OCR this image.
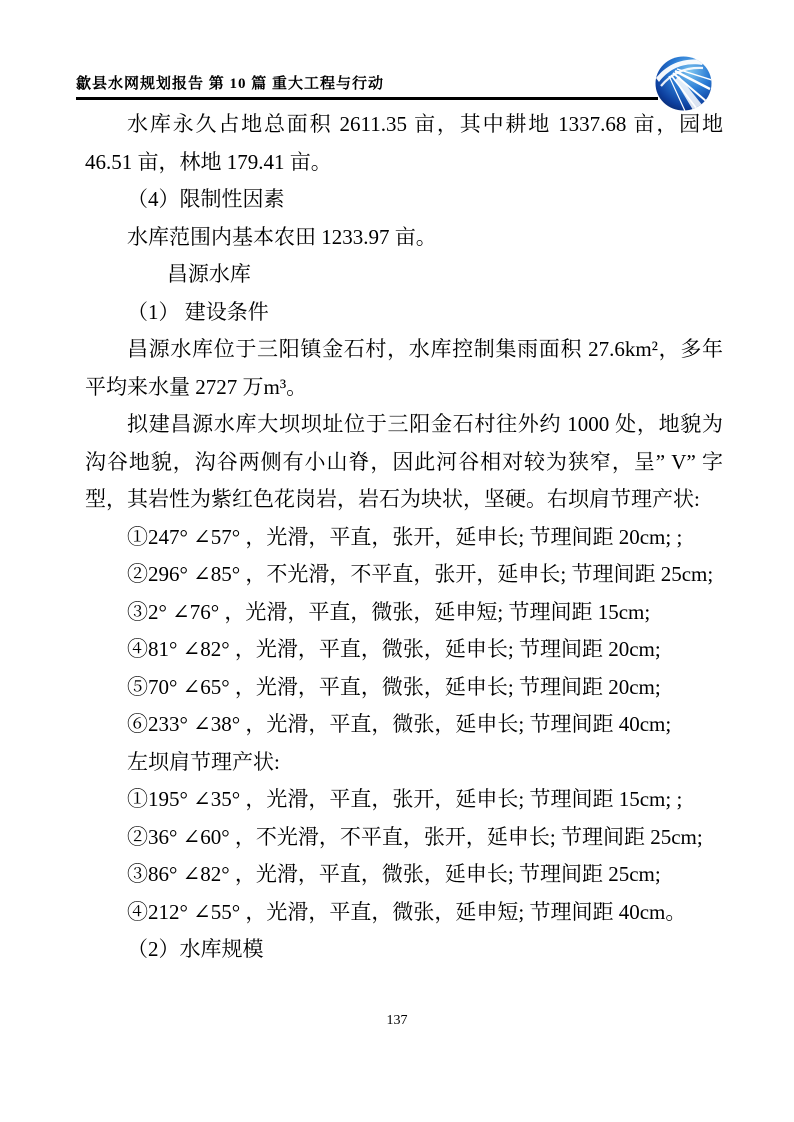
歙县水网规划报告 第 10 篇 重大工程与行动

水库永久占地总面积 2611.35 亩，其中耕地 1337.68 亩，园地 46.51 亩，林地 179.41 亩。

（4）限制性因素

水库范围内基本农田 1233.97 亩。

昌源水库

（1） 建设条件

昌源水库位于三阳镇金石村，水库控制集雨面积 27.6km²，多年平均来水量 2727 万m³。

拟建昌源水库大坝坝址位于三阳金石村往外约 1000 处，地貌为沟谷地貌，沟谷两侧有小山脊，因此河谷相对较为狭窄，呈” V” 字型，其岩性为紫红色花岗岩，岩石为块状，坚硬。右坝肩节理产状:

①247° ∠57° ，光滑，平直，张开，延申长; 节理间距 20cm; ;

②296° ∠85° ，不光滑，不平直，张开，延申长; 节理间距 25cm;

③2° ∠76° ，光滑，平直，微张，延申短; 节理间距 15cm;

④81° ∠82° ，光滑，平直，微张，延申长; 节理间距 20cm;

⑤70° ∠65° ，光滑，平直，微张，延申长; 节理间距 20cm;

⑥233° ∠38° ，光滑，平直，微张，延申长; 节理间距 40cm;

左坝肩节理产状:

①195° ∠35° ，光滑，平直，张开，延申长; 节理间距 15cm; ;

②36° ∠60° ，不光滑，不平直，张开，延申长; 节理间距 25cm;

③86° ∠82° ，光滑，平直，微张，延申长; 节理间距 25cm;

④212° ∠55° ，光滑，平直，微张，延申短; 节理间距 40cm。

（2）水库规模

137
